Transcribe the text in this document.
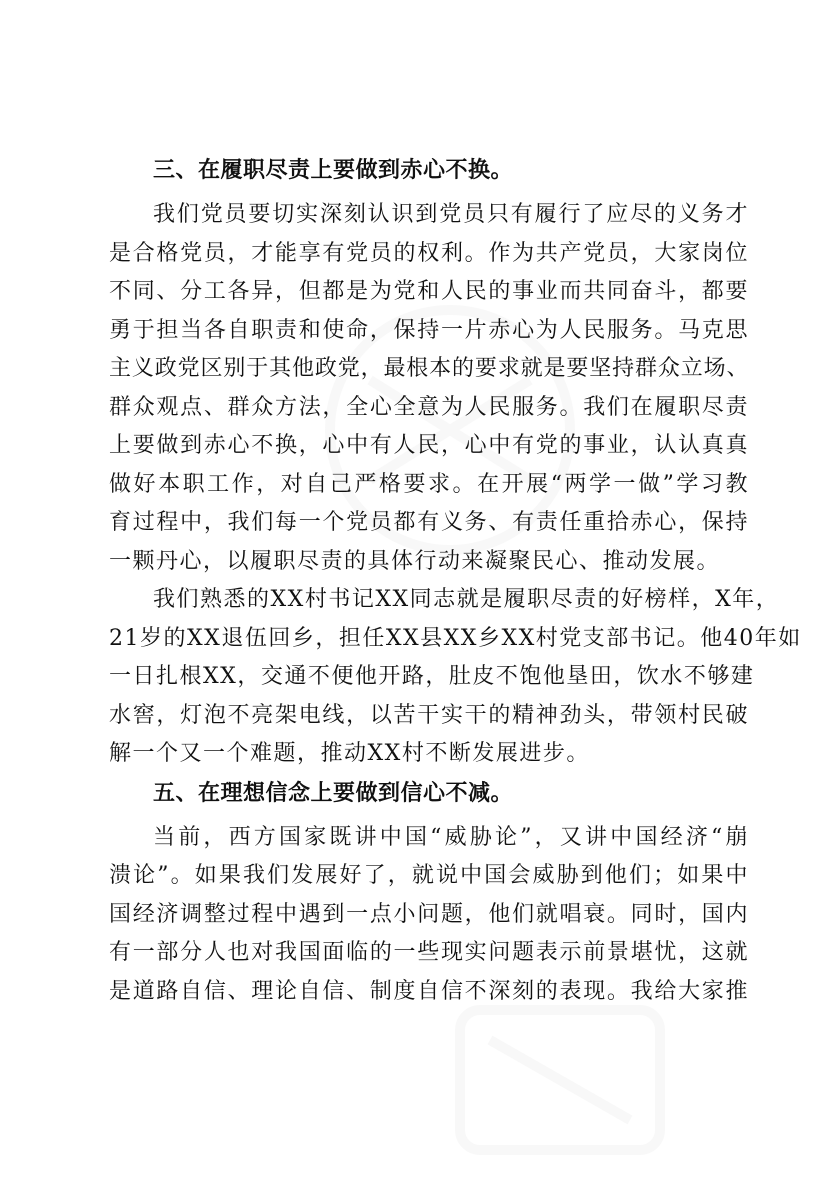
三、在履职尽责上要做到赤心不换。
我们党员要切实深刻认识到党员只有履行了应尽的义务才
是合格党员，才能享有党员的权利。作为共产党员，大家岗位
不同、分工各异，但都是为党和人民的事业而共同奋斗，都要
勇于担当各自职责和使命，保持一片赤心为人民服务。马克思
主义政党区别于其他政党，最根本的要求就是要坚持群众立场、
群众观点、群众方法，全心全意为人民服务。我们在履职尽责
上要做到赤心不换，心中有人民，心中有党的事业，认认真真
做好本职工作，对自己严格要求。在开展“两学一做”学习教
育过程中，我们每一个党员都有义务、有责任重拾赤心，保持
一颗丹心，以履职尽责的具体行动来凝聚民心、推动发展。
我们熟悉的XX村书记XX同志就是履职尽责的好榜样，X年，
21岁的XX退伍回乡，担任XX县XX乡XX村党支部书记。他40年如
一日扎根XX，交通不便他开路，肚皮不饱他垦田，饮水不够建
水窖，灯泡不亮架电线，以苦干实干的精神劲头，带领村民破
解一个又一个难题，推动XX村不断发展进步。
五、在理想信念上要做到信心不减。
当前，西方国家既讲中国“威胁论”，又讲中国经济“崩
溃论”。如果我们发展好了，就说中国会威胁到他们；如果中
国经济调整过程中遇到一点小问题，他们就唱衰。同时，国内
有一部分人也对我国面临的一些现实问题表示前景堪忧，这就
是道路自信、理论自信、制度自信不深刻的表现。我给大家推
